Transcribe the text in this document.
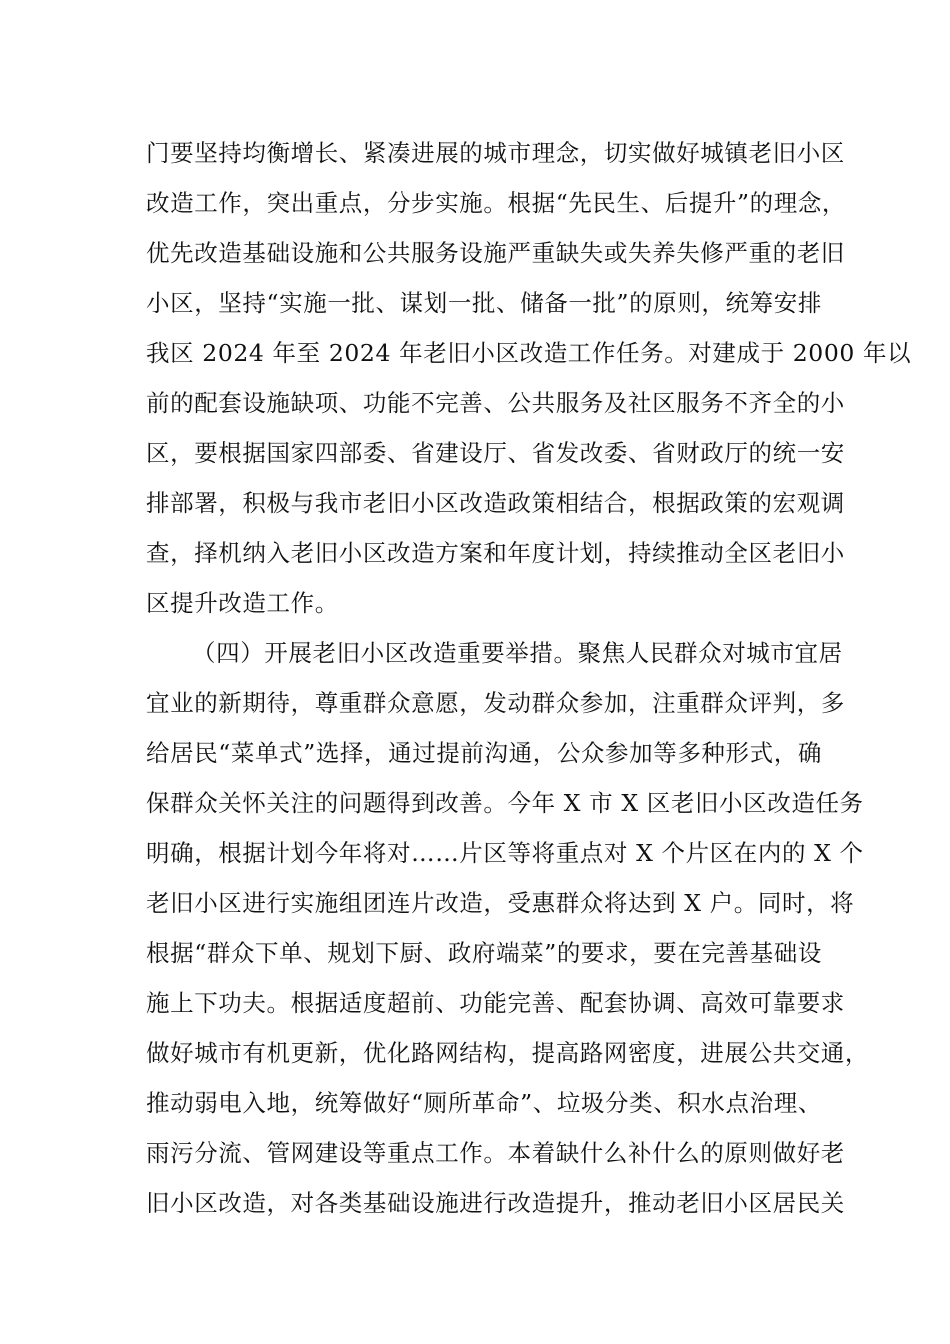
门要坚持均衡增长、紧凑进展的城市理念，切实做好城镇老旧小区
改造工作，突出重点，分步实施。根据“先民生、后提升”的理念，
优先改造基础设施和公共服务设施严重缺失或失养失修严重的老旧
小区，坚持“实施一批、谋划一批、储备一批”的原则，统筹安排
我区 2024 年至 2024 年老旧小区改造工作任务。对建成于 2000 年以
前的配套设施缺项、功能不完善、公共服务及社区服务不齐全的小
区，要根据国家四部委、省建设厅、省发改委、省财政厅的统一安
排部署，积极与我市老旧小区改造政策相结合，根据政策的宏观调
查，择机纳入老旧小区改造方案和年度计划，持续推动全区老旧小
区提升改造工作。
（四）开展老旧小区改造重要举措。聚焦人民群众对城市宜居
宜业的新期待，尊重群众意愿，发动群众参加，注重群众评判，多
给居民“菜单式”选择，通过提前沟通，公众参加等多种形式，确
保群众关怀关注的问题得到改善。今年 X 市 X 区老旧小区改造任务
明确，根据计划今年将对……片区等将重点对 X 个片区在内的 X 个
老旧小区进行实施组团连片改造，受惠群众将达到 X 户。同时，将
根据“群众下单、规划下厨、政府端菜”的要求，要在完善基础设
施上下功夫。根据适度超前、功能完善、配套协调、高效可靠要求
做好城市有机更新，优化路网结构，提高路网密度，进展公共交通，
推动弱电入地，统筹做好“厕所革命”、垃圾分类、积水点治理、
雨污分流、管网建设等重点工作。本着缺什么补什么的原则做好老
旧小区改造，对各类基础设施进行改造提升，推动老旧小区居民关
